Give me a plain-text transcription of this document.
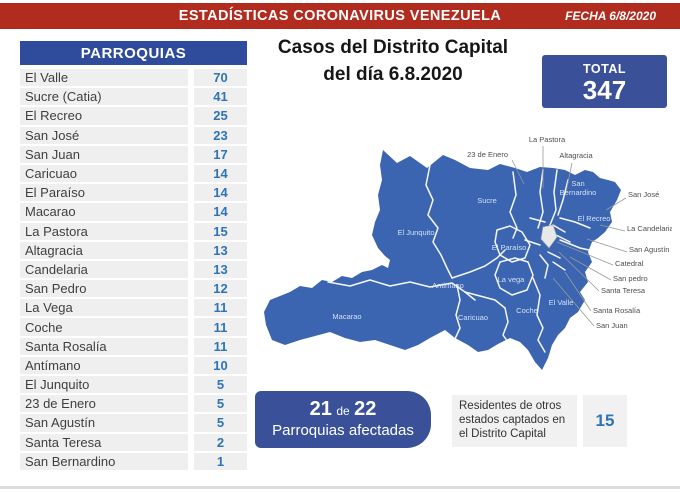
ESTADÍSTICAS CORONAVIRUS VENEZUELA	FECHA 6/8/2020
PARROQUIAS
El Valle	70
Sucre (Catia)	41
El Recreo	25
San José	23
San Juan	17
Caricuao	14
El Paraíso	14
Macarao	14
La Pastora	15
Altagracia	13
Candelaria	13
San Pedro	12
La Vega	11
Coche	11
Santa Rosalía	11
Antímano	10
El Junquito	5
23 de Enero	5
San Agustín	5
Santa Teresa	2
San Bernardino	1
Casos del Distrito Capital
del día 6.8.2020	TOTAL
347
Sucre
El Junquito
El Paraíso
Antimano
La vega
Macarao	Caricuao
Coche
El Valle
San Bernardino
El Recreo
23 de Enero
La Pastora
Altagracia
San José
La Candelaria
San Agustín
Catedral
San pedro
Santa Teresa
Santa Rosalía
San Juan
21 de 22
Parroquias afectadas
Residentes de otros estados captados en el Distrito Capital
15
